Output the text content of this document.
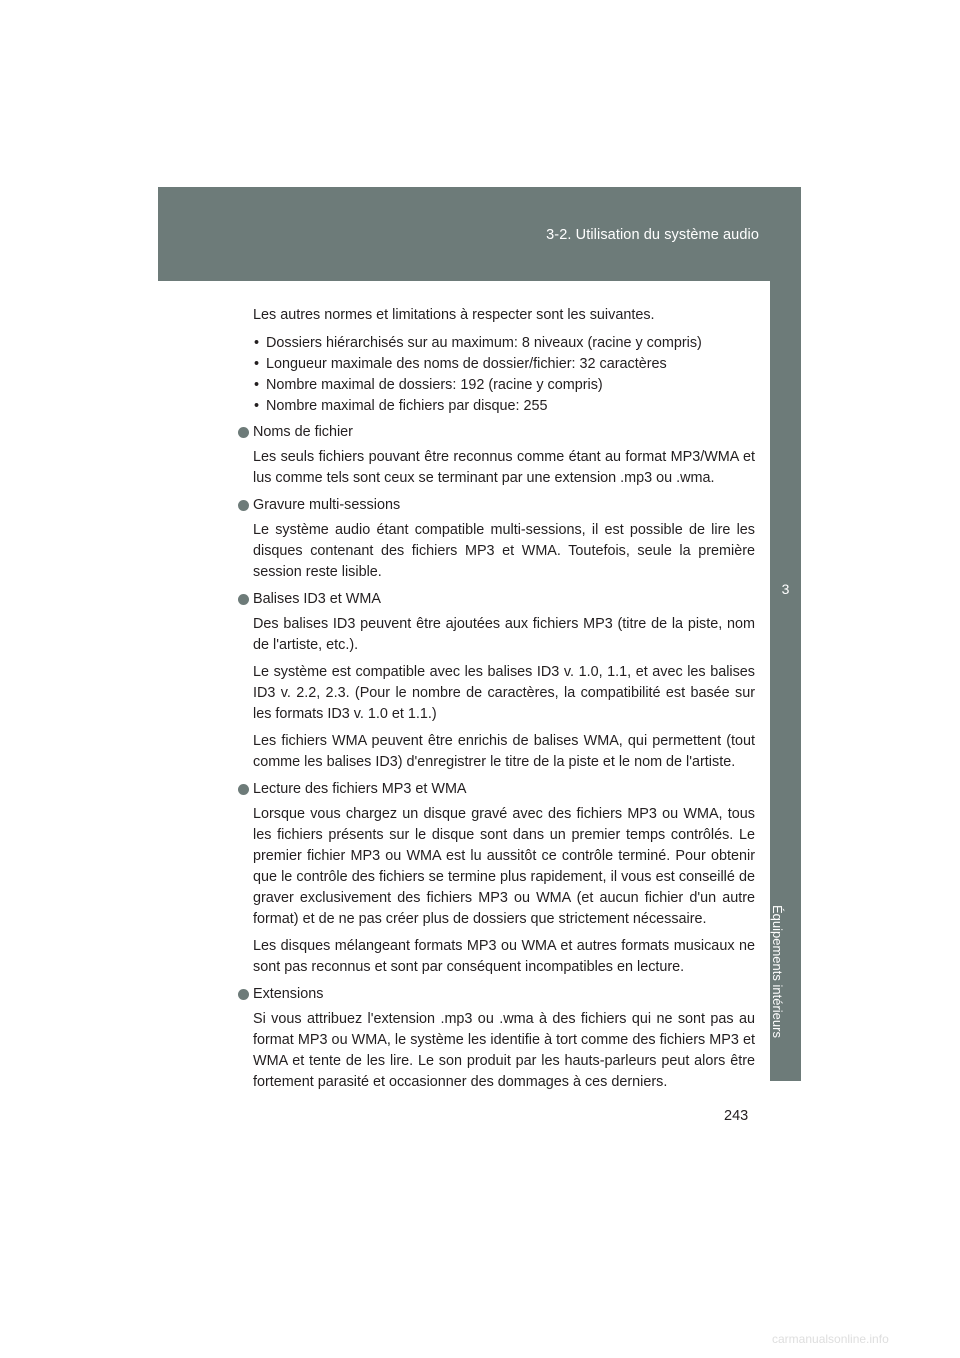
3-2. Utilisation du système audio
3
Équipements intérieurs

Les autres normes et limitations à respecter sont les suivantes.

• Dossiers hiérarchisés sur au maximum: 8 niveaux (racine y compris)
• Longueur maximale des noms de dossier/fichier: 32 caractères
• Nombre maximal de dossiers: 192 (racine y compris)
• Nombre maximal de fichiers par disque: 255
Noms de fichier

Les seuls fichiers pouvant être reconnus comme étant au format MP3/WMA et lus comme tels sont ceux se terminant par une extension .mp3 ou .wma.

Gravure multi-sessions

Le système audio étant compatible multi-sessions, il est possible de lire les disques contenant des fichiers MP3 et WMA. Toutefois, seule la première session reste lisible.

Balises ID3 et WMA

Des balises ID3 peuvent être ajoutées aux fichiers MP3 (titre de la piste, nom de l'artiste, etc.).

Le système est compatible avec les balises ID3 v. 1.0, 1.1, et avec les balises ID3 v. 2.2, 2.3. (Pour le nombre de caractères, la compatibilité est basée sur les formats ID3 v. 1.0 et 1.1.)

Les fichiers WMA peuvent être enrichis de balises WMA, qui permettent (tout comme les balises ID3) d'enregistrer le titre de la piste et le nom de l'artiste.

Lecture des fichiers MP3 et WMA

Lorsque vous chargez un disque gravé avec des fichiers MP3 ou WMA, tous les fichiers présents sur le disque sont dans un premier temps contrôlés. Le premier fichier MP3 ou WMA est lu aussitôt ce contrôle terminé. Pour obtenir que le contrôle des fichiers se termine plus rapidement, il vous est conseillé de graver exclusivement des fichiers MP3 ou WMA (et aucun fichier d'un autre format) et de ne pas créer plus de dossiers que strictement nécessaire.

Les disques mélangeant formats MP3 ou WMA et autres formats musicaux ne sont pas reconnus et sont par conséquent incompatibles en lecture.

Extensions

Si vous attribuez l'extension .mp3 ou .wma à des fichiers qui ne sont pas au format MP3 ou WMA, le système les identifie à tort comme des fichiers MP3 et WMA et tente de les lire. Le son produit par les hauts-parleurs peut alors être fortement parasité et occasionner des dommages à ces derniers.

243
carmanualsonline.info
